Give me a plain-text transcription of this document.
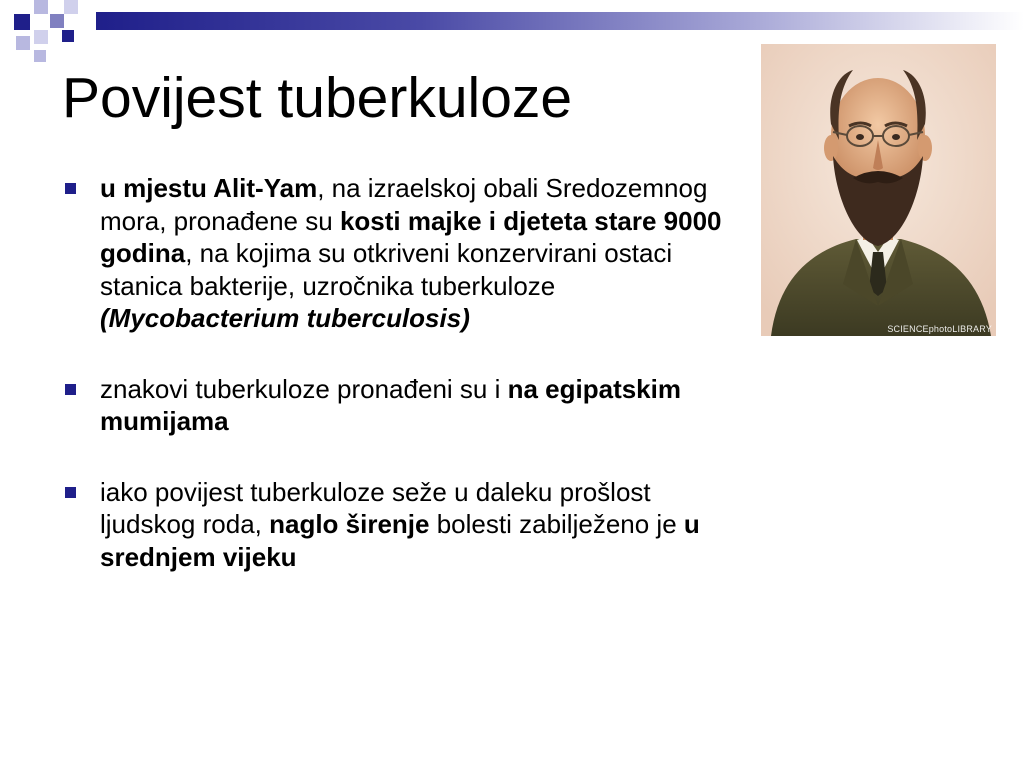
Povijest tuberkuloze
u mjestu Alit-Yam, na izraelskoj obali Sredozemnog mora, pronađene su kosti majke i djeteta stare 9000 godina, na kojima su otkriveni konzervirani ostaci stanica bakterije, uzročnika tuberkuloze (Mycobacterium tuberculosis)
znakovi tuberkuloze pronađeni su i na egipatskim mumijama
iako povijest tuberkuloze seže u daleku prošlost ljudskog roda, naglo širenje bolesti zabilježeno je u srednjem vijeku
SCIENCEphotoLIBRARY
